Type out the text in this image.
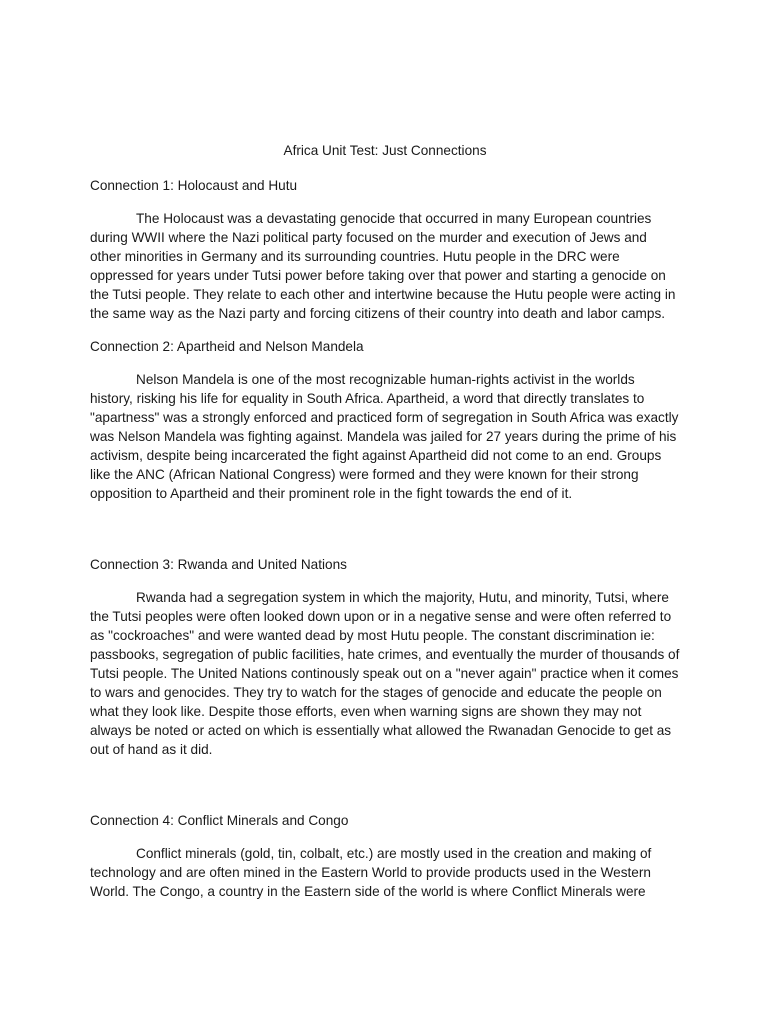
Africa Unit Test: Just Connections
Connection 1: Holocaust and Hutu
The Holocaust was a devastating genocide that occurred in many European countries during WWII where the Nazi political party focused on the murder and execution of Jews and other minorities in Germany and its surrounding countries. Hutu people in the DRC were oppressed for years under Tutsi power before taking over that power and starting a genocide on the Tutsi people. They relate to each other and intertwine because the Hutu people were acting in the same way as the Nazi party and forcing citizens of their country into death and labor camps.
Connection 2: Apartheid and Nelson Mandela
Nelson Mandela is one of the most recognizable human-rights activist in the worlds history, risking his life for equality in South Africa. Apartheid, a word that directly translates to "apartness" was a strongly enforced and practiced form of segregation in South Africa was exactly was Nelson Mandela was fighting against. Mandela was jailed for 27 years during the prime of his activism, despite being incarcerated the fight against Apartheid did not come to an end. Groups like the ANC (African National Congress) were formed and they were known for their strong opposition to Apartheid and their prominent role in the fight towards the end of it.
Connection 3: Rwanda and United Nations
Rwanda had a segregation system in which the majority, Hutu, and minority, Tutsi, where the Tutsi peoples were often looked down upon or in a negative sense and were often referred to as "cockroaches" and were wanted dead by most Hutu people. The constant discrimination ie: passbooks, segregation of public facilities, hate crimes, and eventually the murder of thousands of Tutsi people. The United Nations continously speak out on a "never again" practice when it comes to wars and genocides. They try to watch for the stages of genocide and educate the people on what they look like. Despite those efforts, even when warning signs are shown they may not always be noted or acted on which is essentially what allowed the Rwanadan Genocide to get as out of hand as it did.
Connection 4: Conflict Minerals and Congo
Conflict minerals (gold, tin, colbalt, etc.) are mostly used in the creation and making of technology and are often mined in the Eastern World to provide products used in the Western World. The Congo, a country in the Eastern side of the world is where Conflict Minerals were
